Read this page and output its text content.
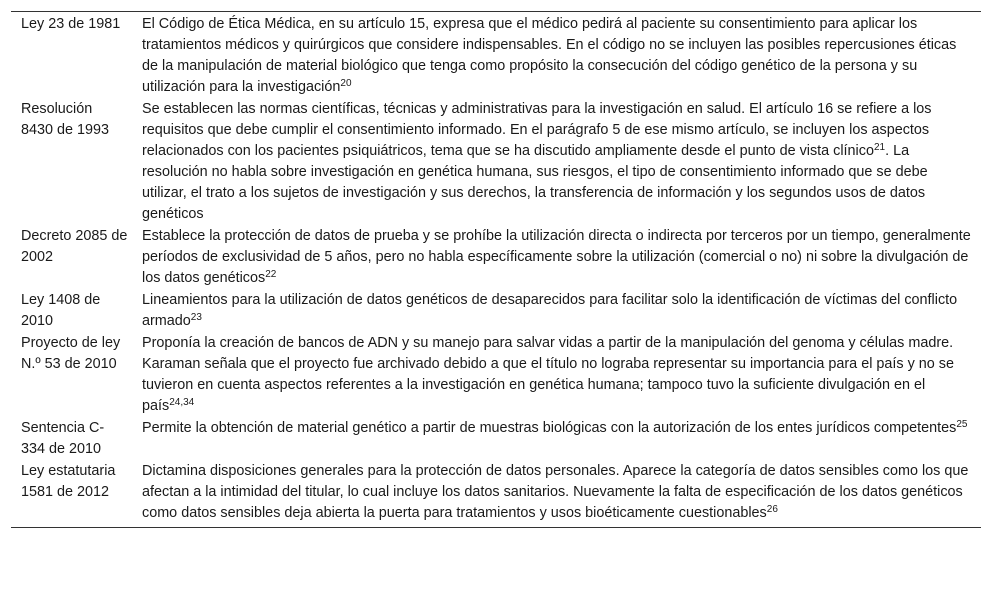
Ley 23 de 1981	El Código de Ética Médica, en su artículo 15, expresa que el médico pedirá al paciente su consentimiento para aplicar los tratamientos médicos y quirúrgicos que considere indispensables. En el código no se incluyen las posibles repercusiones éticas de la manipulación de material biológico que tenga como propósito la consecución del código genético de la persona y su utilización para la investigación$^{20}$
Resolución 8430 de 1993	Se establecen las normas científicas, técnicas y administrativas para la investigación en salud. El artículo 16 se refiere a los requisitos que debe cumplir el consentimiento informado. En el parágrafo 5 de ese mismo artículo, se incluyen los aspectos relacionados con los pacientes psiquiátricos, tema que se ha discutido ampliamente desde el punto de vista clínico$^{21}$. La resolución no habla sobre investigación en genética humana, sus riesgos, el tipo de consentimiento informado que se debe utilizar, el trato a los sujetos de investigación y sus derechos, la transferencia de información y los segundos usos de datos genéticos
Decreto 2085 de 2002	Establece la protección de datos de prueba y se prohíbe la utilización directa o indirecta por terceros por un tiempo, generalmente períodos de exclusividad de 5 años, pero no habla específicamente sobre la utilización (comercial o no) ni sobre la divulgación de los datos genéticos$^{22}$
Ley 1408 de 2010	Lineamientos para la utilización de datos genéticos de desaparecidos para facilitar solo la identificación de víctimas del conflicto armado$^{23}$
Proyecto de ley N.º 53 de 2010	Proponía la creación de bancos de ADN y su manejo para salvar vidas a partir de la manipulación del genoma y células madre. Karaman señala que el proyecto fue archivado debido a que el título no lograba representar su importancia para el país y no se tuvieron en cuenta aspectos referentes a la investigación en genética humana; tampoco tuvo la suficiente divulgación en el país$^{24,34}$
Sentencia C-334 de 2010	Permite la obtención de material genético a partir de muestras biológicas con la autorización de los entes jurídicos competentes$^{25}$
Ley estatutaria 1581 de 2012	Dictamina disposiciones generales para la protección de datos personales. Aparece la categoría de datos sensibles como los que afectan a la intimidad del titular, lo cual incluye los datos sanitarios. Nuevamente la falta de especificación de los datos genéticos como datos sensibles deja abierta la puerta para tratamientos y usos bioéticamente cuestionables$^{26}$
